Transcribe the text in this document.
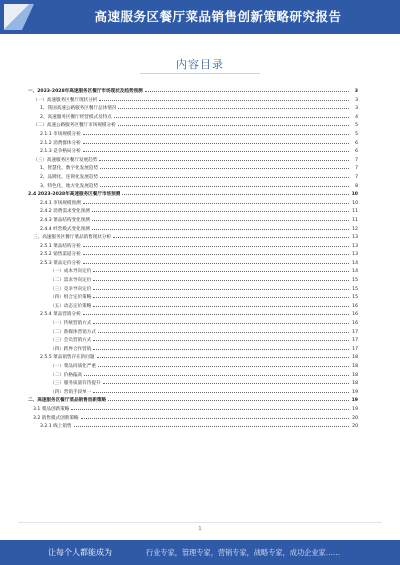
高速服务区餐厅菜品销售创新策略研究报告
内容目录
一、2023-2028年高速服务区餐厅市场现状及趋势预测	3
（一）高速服务区餐厅现状分析	3
1、我国高速公路服务区餐厅总体情况	3
2、高速服务区餐厅经营模式及特点	4
（二）高速公路服务区餐厅市场规模分析	5
2.1.1 市场规模分析	5
2.1.2 消费群体分析	6
2.1.3 竞争格局分析	6
（三）高速服务区餐厅发展趋势	7
1、智慧化、数字化发展趋势	7
2、品牌化、连锁化发展趋势	7
3、特色化、地方化发展趋势	8
2.4 2023-2028年高速服务区餐厅市场预测	10
2.4.1 市场规模预测	10
2.4.2 消费需求变化预测	11
2.4.3 菜品结构变化预测	11
2.4.4 经营模式变化预测	12
三、高速服务区餐厅菜品销售现状分析	13
2.5.1 菜品结构分析	13
2.5.2 销售渠道分析	13
2.5.3 菜品定价分析	14
（一）成本导向定价	14
（二）需求导向定价	15
（三）竞争导向定价	15
（四）组合定价策略	15
（五）动态定价策略	16
2.5.4 菜品营销分析	16
（一）传统营销方式	16
（二）新媒体营销方式	17
（三）会员营销方式	17
（四）跨界合作营销	17
2.5.5 菜品销售存在的问题	18
（一）菜品同质化严重	18
（二）价格偏高	18
（三）服务质量有待提升	18
（四）营销手段单一	19
二、高速服务区餐厅菜品销售创新策略	19
3.1 菜品创新策略	19
3.2 销售模式创新策略	20
3.2.1 线上销售	20
1
让每个人都能成为	行业专家，管理专家，营销专家，战略专家，成功企业家……
